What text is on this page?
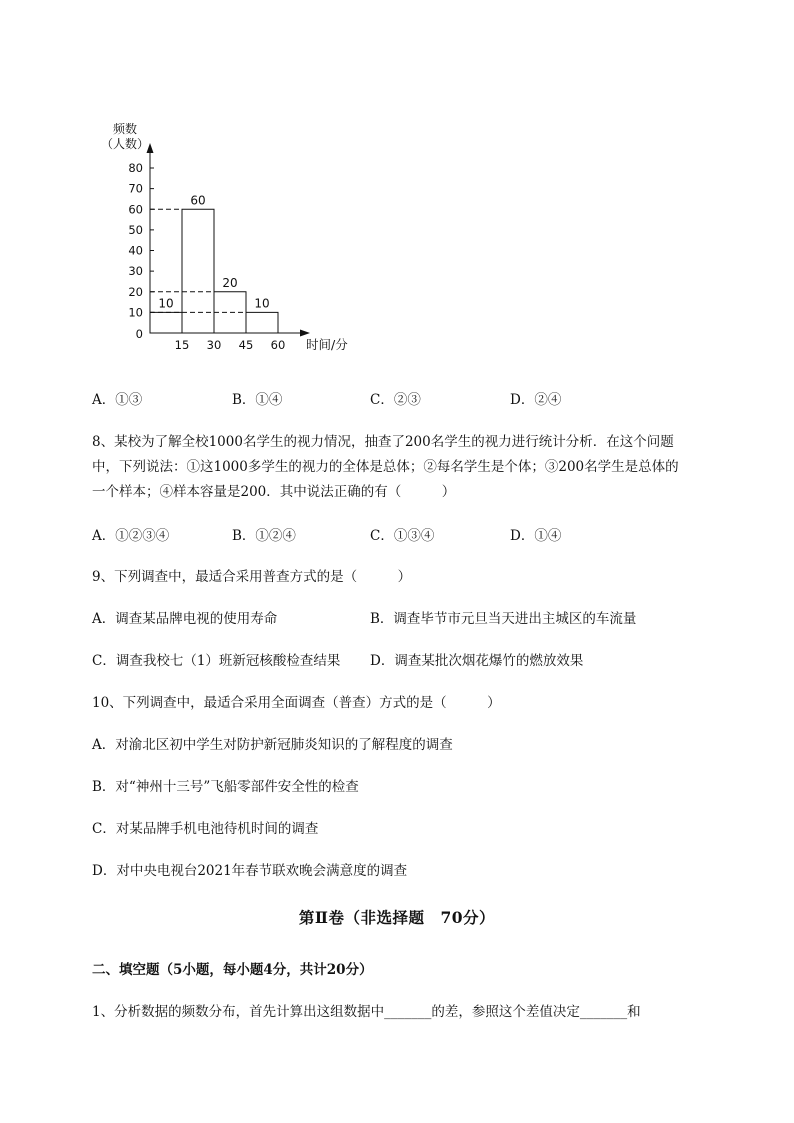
频数
（人数）
时间/分
0
10
20
30
40
50
60
70
80
15 30 45 60
10
60
20
10
A．①③	B．①④	C．②③	D．②④
8、某校为了解全校1000名学生的视力情况，抽查了200名学生的视力进行统计分析．在这个问题
中，下列说法：①这1000多学生的视力的全体是总体；②每名学生是个体；③200名学生是总体的
一个样本；④样本容量是200．其中说法正确的有（　　　）
A．①②③④	B．①②④	C．①③④	D．①④
9、下列调查中，最适合采用普查方式的是（　　　）
A．调查某品牌电视的使用寿命	B．调查毕节市元旦当天进出主城区的车流量
C．调查我校七（1）班新冠核酸检查结果 D．调查某批次烟花爆竹的燃放效果
10、下列调查中，最适合采用全面调查（普查）方式的是（　　　）
A．对渝北区初中学生对防护新冠肺炎知识的了解程度的调查
B．对“神州十三号”飞船零部件安全性的检查
C．对某品牌手机电池待机时间的调查
D．对中央电视台2021年春节联欢晚会满意度的调查
第Ⅱ卷（非选择题　70分）
二、填空题（5小题，每小题4分，共计20分）
1、分析数据的频数分布，首先计算出这组数据中_______的差，参照这个差值决定_______和
